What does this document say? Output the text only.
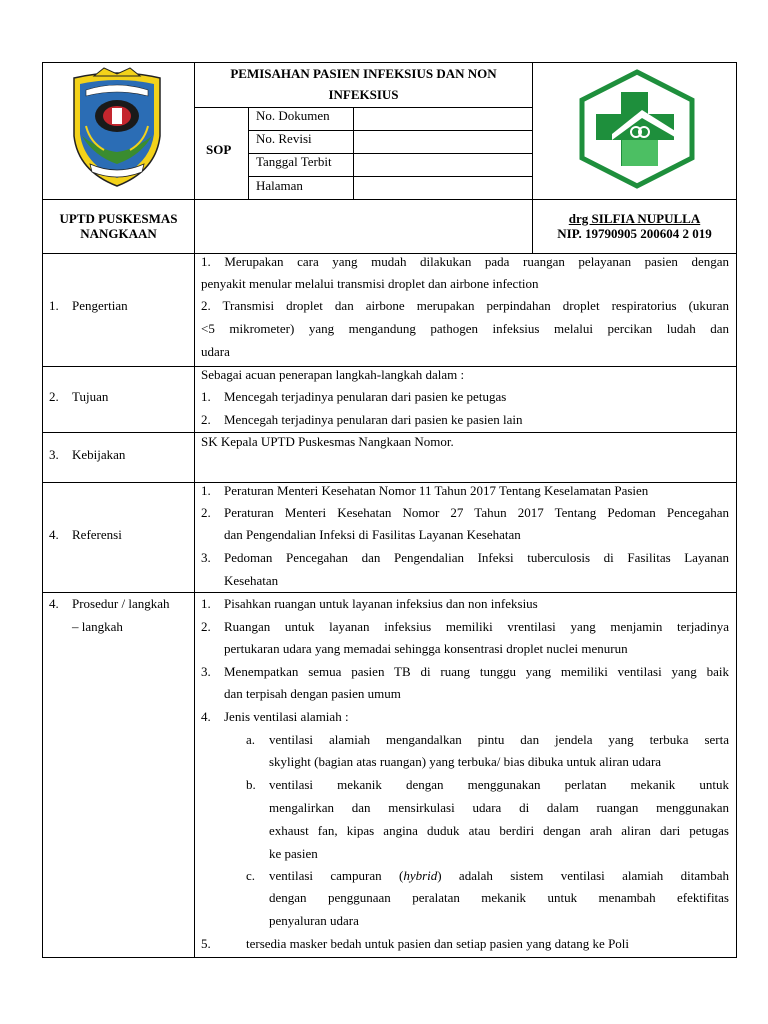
PEMISAHAN PASIEN INFEKSIUS DAN NON
INFEKSIUS
SOP
No. Dokumen
No. Revisi
Tanggal Terbit
Halaman
UPTD PUSKESMAS
NANGKAAN
drg SILFIA NUPULLA
NIP. 19790905 200604 2 019
1. Pengertian
1. Merupakan cara yang mudah dilakukan pada ruangan pelayanan pasien dengan
penyakit menular melalui transmisi droplet dan airbone infection
2. Transmisi droplet dan airbone merupakan perpindahan droplet respiratorius (ukuran
<5 mikrometer) yang mengandung pathogen infeksius melalui percikan ludah dan
udara
2. Tujuan
Sebagai acuan penerapan langkah-langkah dalam :
1. Mencegah terjadinya penularan dari pasien ke petugas
2. Mencegah terjadinya penularan dari pasien ke pasien lain
3. Kebijakan
SK Kepala UPTD Puskesmas Nangkaan Nomor.
4. Referensi
1. Peraturan Menteri Kesehatan Nomor 11 Tahun 2017 Tentang Keselamatan Pasien
2. Peraturan Menteri Kesehatan Nomor 27 Tahun 2017 Tentang Pedoman Pencegahan
dan Pengendalian Infeksi di Fasilitas Layanan Kesehatan
3. Pedoman Pencegahan dan Pengendalian Infeksi tuberculosis di Fasilitas Layanan
Kesehatan
4. Prosedur / langkah
– langkah
1. Pisahkan ruangan untuk layanan infeksius dan non infeksius
2. Ruangan untuk layanan infeksius memiliki vrentilasi yang menjamin terjadinya
pertukaran udara yang memadai sehingga konsentrasi droplet nuclei menurun
3. Menempatkan semua pasien TB di ruang tunggu yang memiliki ventilasi yang baik
dan terpisah dengan pasien umum
4. Jenis ventilasi alamiah :
a. ventilasi alamiah mengandalkan pintu dan jendela yang terbuka serta
skylight (bagian atas ruangan) yang terbuka/ bias dibuka untuk aliran udara
b. ventilasi mekanik dengan menggunakan perlatan mekanik untuk
mengalirkan dan mensirkulasi udara di dalam ruangan menggunakan
exhaust fan, kipas angina duduk atau berdiri dengan arah aliran dari petugas
ke pasien
c. ventilasi campuran (hybrid) adalah sistem ventilasi alamiah ditambah
dengan penggunaan peralatan mekanik untuk menambah efektifitas
penyaluran udara
5.	tersedia masker bedah untuk pasien dan setiap pasien yang datang ke Poli
